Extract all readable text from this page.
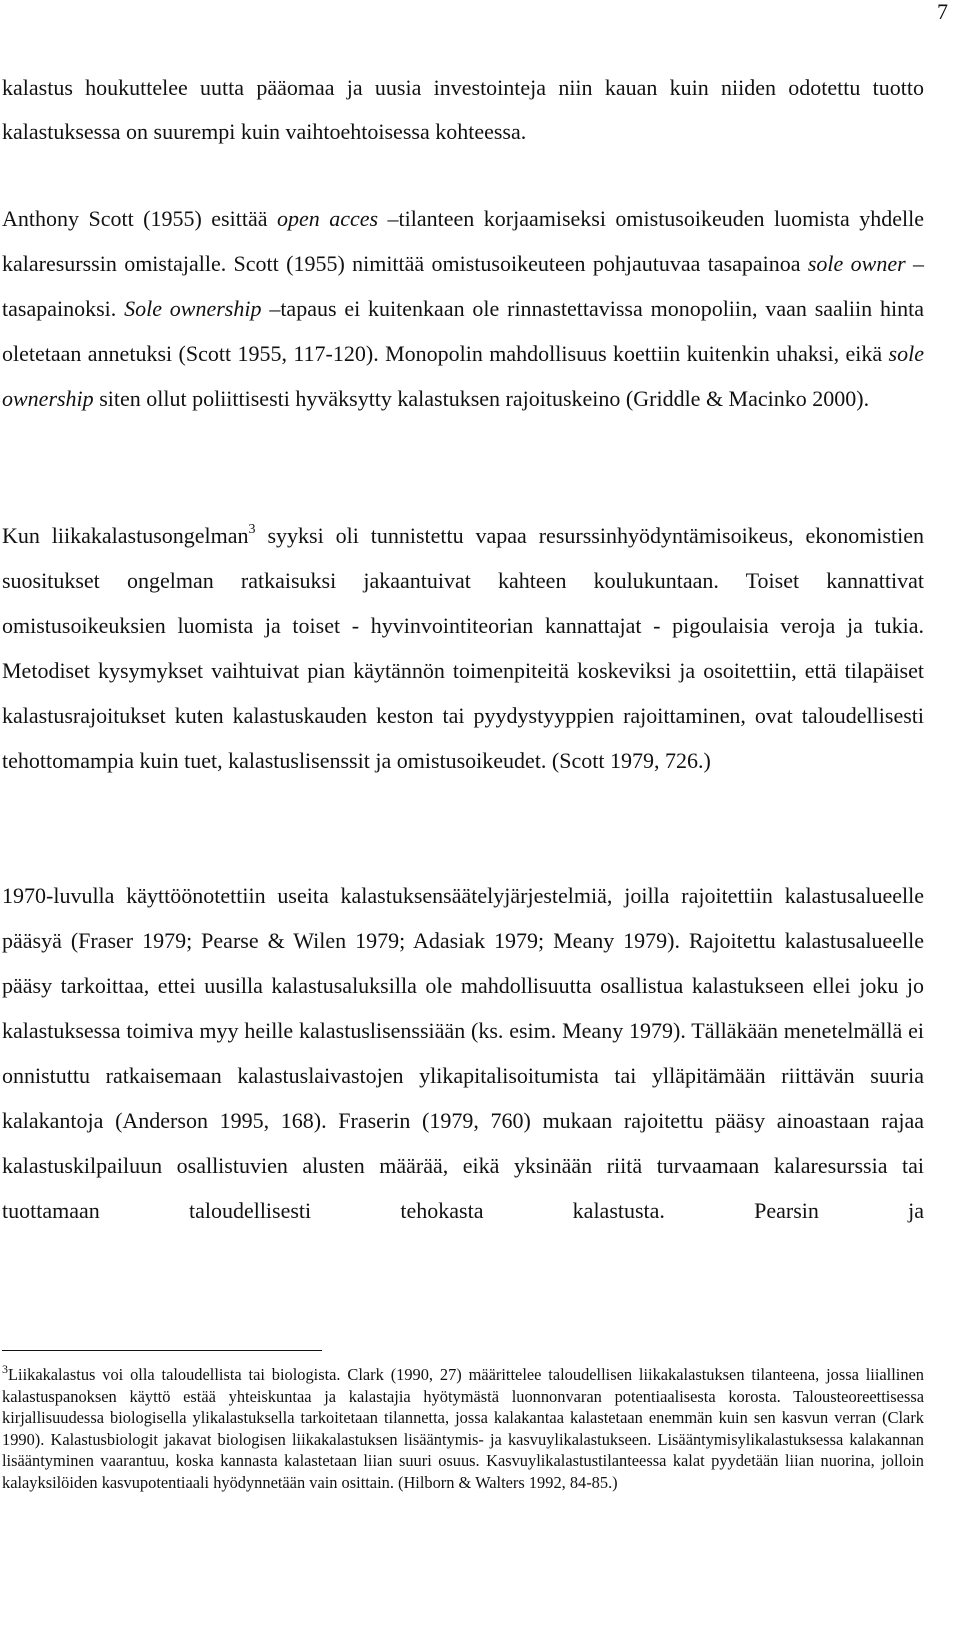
7

kalastus houkuttelee uutta pääomaa ja uusia investointeja niin kauan kuin niiden odotettu tuotto kalastuksessa on suurempi kuin vaihtoehtoisessa kohteessa.

Anthony Scott (1955) esittää open acces –tilanteen korjaamiseksi omistusoikeuden luomista yhdelle kalaresurssin omistajalle. Scott (1955) nimittää omistusoikeuteen pohjautuvaa tasapainoa sole owner –tasapainoksi. Sole ownership –tapaus ei kuitenkaan ole rinnastettavissa monopoliin, vaan saaliin hinta oletetaan annetuksi (Scott 1955, 117-120). Monopolin mahdollisuus koettiin kuitenkin uhaksi, eikä sole ownership siten ollut poliittisesti hyväksytty kalastuksen rajoituskeino (Griddle & Macinko 2000).

Kun liikakalastusongelman$^3$ syyksi oli tunnistettu vapaa resurssinhyödyntämisoikeus, ekonomistien suositukset ongelman ratkaisuksi jakaantuivat kahteen koulukuntaan. Toiset kannattivat omistusoikeuksien luomista ja toiset - hyvinvointiteorian kannattajat - pigoulaisia veroja ja tukia. Metodiset kysymykset vaihtuivat pian käytännön toimenpiteitä koskeviksi ja osoitettiin, että tilapäiset kalastusrajoitukset kuten kalastuskauden keston tai pyydystyyppien rajoittaminen, ovat taloudellisesti tehottomampia kuin tuet, kalastuslisenssit ja omistusoikeudet. (Scott 1979, 726.)

1970-luvulla käyttöönotettiin useita kalastuksensäätelyjärjestelmiä, joilla rajoitettiin kalastusalueelle pääsyä (Fraser 1979; Pearse & Wilen 1979; Adasiak 1979; Meany 1979). Rajoitettu kalastusalueelle pääsy tarkoittaa, ettei uusilla kalastusaluksilla ole mahdollisuutta osallistua kalastukseen ellei joku jo kalastuksessa toimiva myy heille kalastuslisenssiään (ks. esim. Meany 1979). Tälläkään menetelmällä ei onnistuttu ratkaisemaan kalastuslaivastojen ylikapitalisoitumista tai ylläpitämään riittävän suuria kalakantoja (Anderson 1995, 168). Fraserin (1979, 760) mukaan rajoitettu pääsy ainoastaan rajaa kalastuskilpailuun osallistuvien alusten määrää, eikä yksinään riitä turvaamaan kalaresurssia tai tuottamaan taloudellisesti tehokasta kalastusta. Pearsin ja

$^3$Liikakalastus voi olla taloudellista tai biologista. Clark (1990, 27) määrittelee taloudellisen liikakalastuksen tilanteena, jossa liiallinen kalastuspanoksen käyttö estää yhteiskuntaa ja kalastajia hyötymästä luonnonvaran potentiaalisesta korosta. Talousteoreettisessa kirjallisuudessa biologisella ylikalastuksella tarkoitetaan tilannetta, jossa kalakantaa kalastetaan enemmän kuin sen kasvun verran (Clark 1990). Kalastusbiologit jakavat biologisen liikakalastuksen lisääntymis- ja kasvuylikalastukseen. Lisääntymisylikalastuksessa kalakannan lisääntyminen vaarantuu, koska kannasta kalastetaan liian suuri osuus. Kasvuylikalastustilanteessa kalat pyydetään liian nuorina, jolloin kalayksilöiden kasvupotentiaali hyödynnetään vain osittain. (Hilborn & Walters 1992, 84-85.)
